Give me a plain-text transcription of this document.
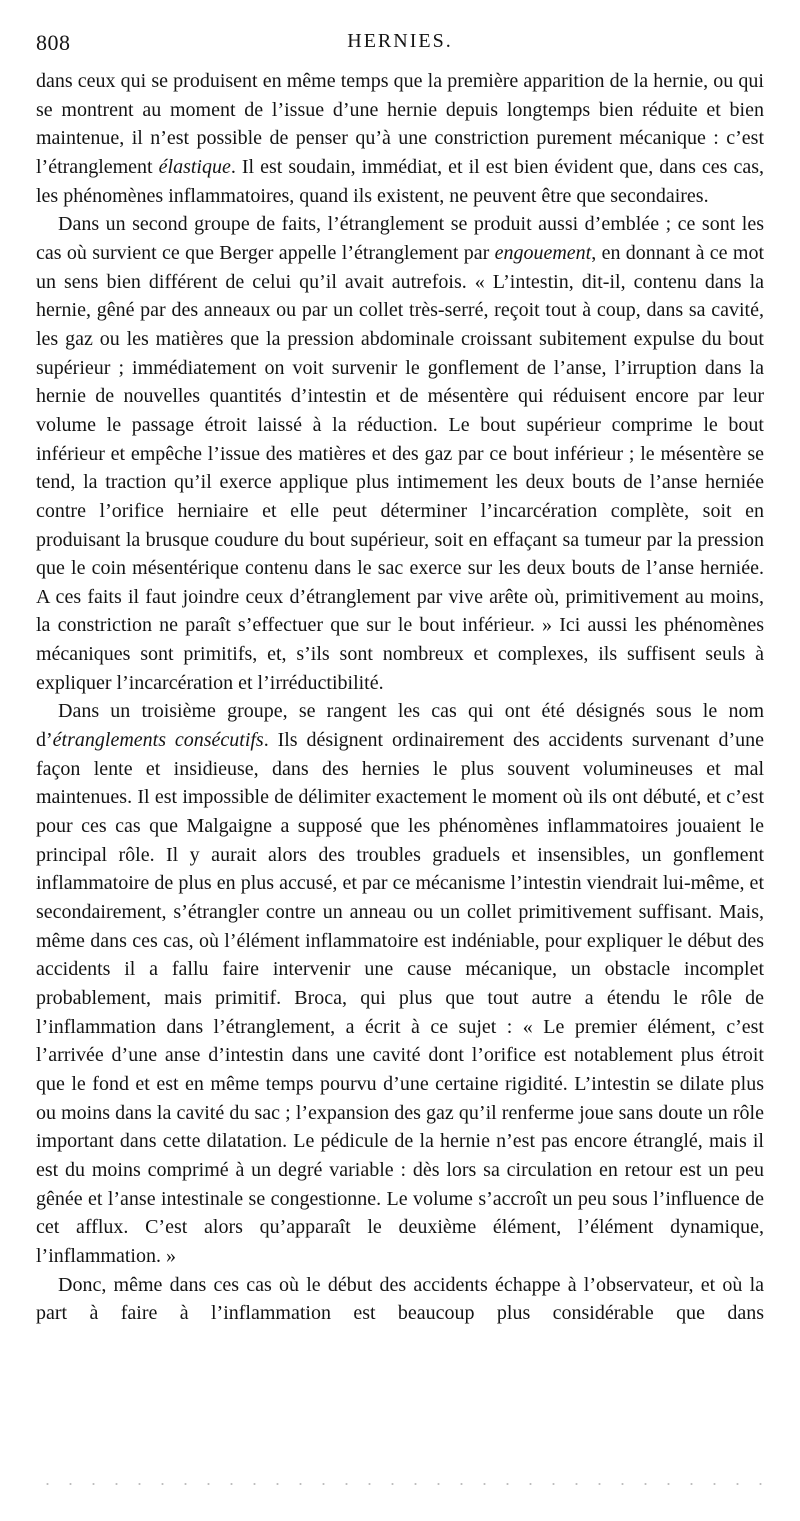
808	HERNIES.

dans ceux qui se produisent en même temps que la première apparition de la hernie, ou qui se montrent au moment de l’issue d’une hernie depuis longtemps bien réduite et bien maintenue, il n’est possible de penser qu’à une constriction purement mécanique : c’est l’étranglement élastique. Il est soudain, immédiat, et il est bien évident que, dans ces cas, les phénomènes inflammatoires, quand ils existent, ne peuvent être que secondaires.

Dans un second groupe de faits, l’étranglement se produit aussi d’emblée ; ce sont les cas où survient ce que Berger appelle l’étranglement par engouement, en donnant à ce mot un sens bien différent de celui qu’il avait autrefois. « L’intestin, dit-il, contenu dans la hernie, gêné par des anneaux ou par un collet très-serré, reçoit tout à coup, dans sa cavité, les gaz ou les matières que la pression abdominale croissant subitement expulse du bout supérieur ; immédiatement on voit survenir le gonflement de l’anse, l’irruption dans la hernie de nouvelles quantités d’intestin et de mésentère qui réduisent encore par leur volume le passage étroit laissé à la réduction. Le bout supérieur comprime le bout inférieur et empêche l’issue des matières et des gaz par ce bout inférieur ; le mésentère se tend, la traction qu’il exerce applique plus intimement les deux bouts de l’anse herniée contre l’orifice herniaire et elle peut déterminer l’incarcération complète, soit en produisant la brusque coudure du bout supérieur, soit en effaçant sa tumeur par la pression que le coin mésentérique contenu dans le sac exerce sur les deux bouts de l’anse herniée. A ces faits il faut joindre ceux d’étranglement par vive arête où, primitivement au moins, la constriction ne paraît s’effectuer que sur le bout inférieur. » Ici aussi les phénomènes mécaniques sont primitifs, et, s’ils sont nombreux et complexes, ils suffisent seuls à expliquer l’incarcération et l’irréductibilité.

Dans un troisième groupe, se rangent les cas qui ont été désignés sous le nom d’étranglements consécutifs. Ils désignent ordinairement des accidents survenant d’une façon lente et insidieuse, dans des hernies le plus souvent volumineuses et mal maintenues. Il est impossible de délimiter exactement le moment où ils ont débuté, et c’est pour ces cas que Malgaigne a supposé que les phénomènes inflammatoires jouaient le principal rôle. Il y aurait alors des troubles graduels et insensibles, un gonflement inflammatoire de plus en plus accusé, et par ce mécanisme l’intestin viendrait lui-même, et secondairement, s’étrangler contre un anneau ou un collet primitivement suffisant. Mais, même dans ces cas, où l’élément inflammatoire est indéniable, pour expliquer le début des accidents il a fallu faire intervenir une cause mécanique, un obstacle incomplet probablement, mais primitif. Broca, qui plus que tout autre a étendu le rôle de l’inflammation dans l’étranglement, a écrit à ce sujet : « Le premier élément, c’est l’arrivée d’une anse d’intestin dans une cavité dont l’orifice est notablement plus étroit que le fond et est en même temps pourvu d’une certaine rigidité. L’intestin se dilate plus ou moins dans la cavité du sac ; l’expansion des gaz qu’il renferme joue sans doute un rôle important dans cette dilatation. Le pédicule de la hernie n’est pas encore étranglé, mais il est du moins comprimé à un degré variable : dès lors sa circulation en retour est un peu gênée et l’anse intestinale se congestionne. Le volume s’accroît un peu sous l’influence de cet afflux. C’est alors qu’apparaît le deuxième élément, l’élément dynamique, l’inflammation. »

Donc, même dans ces cas où le début des accidents échappe à l’observateur, et où la part à faire à l’inflammation est beaucoup plus considérable que dans
